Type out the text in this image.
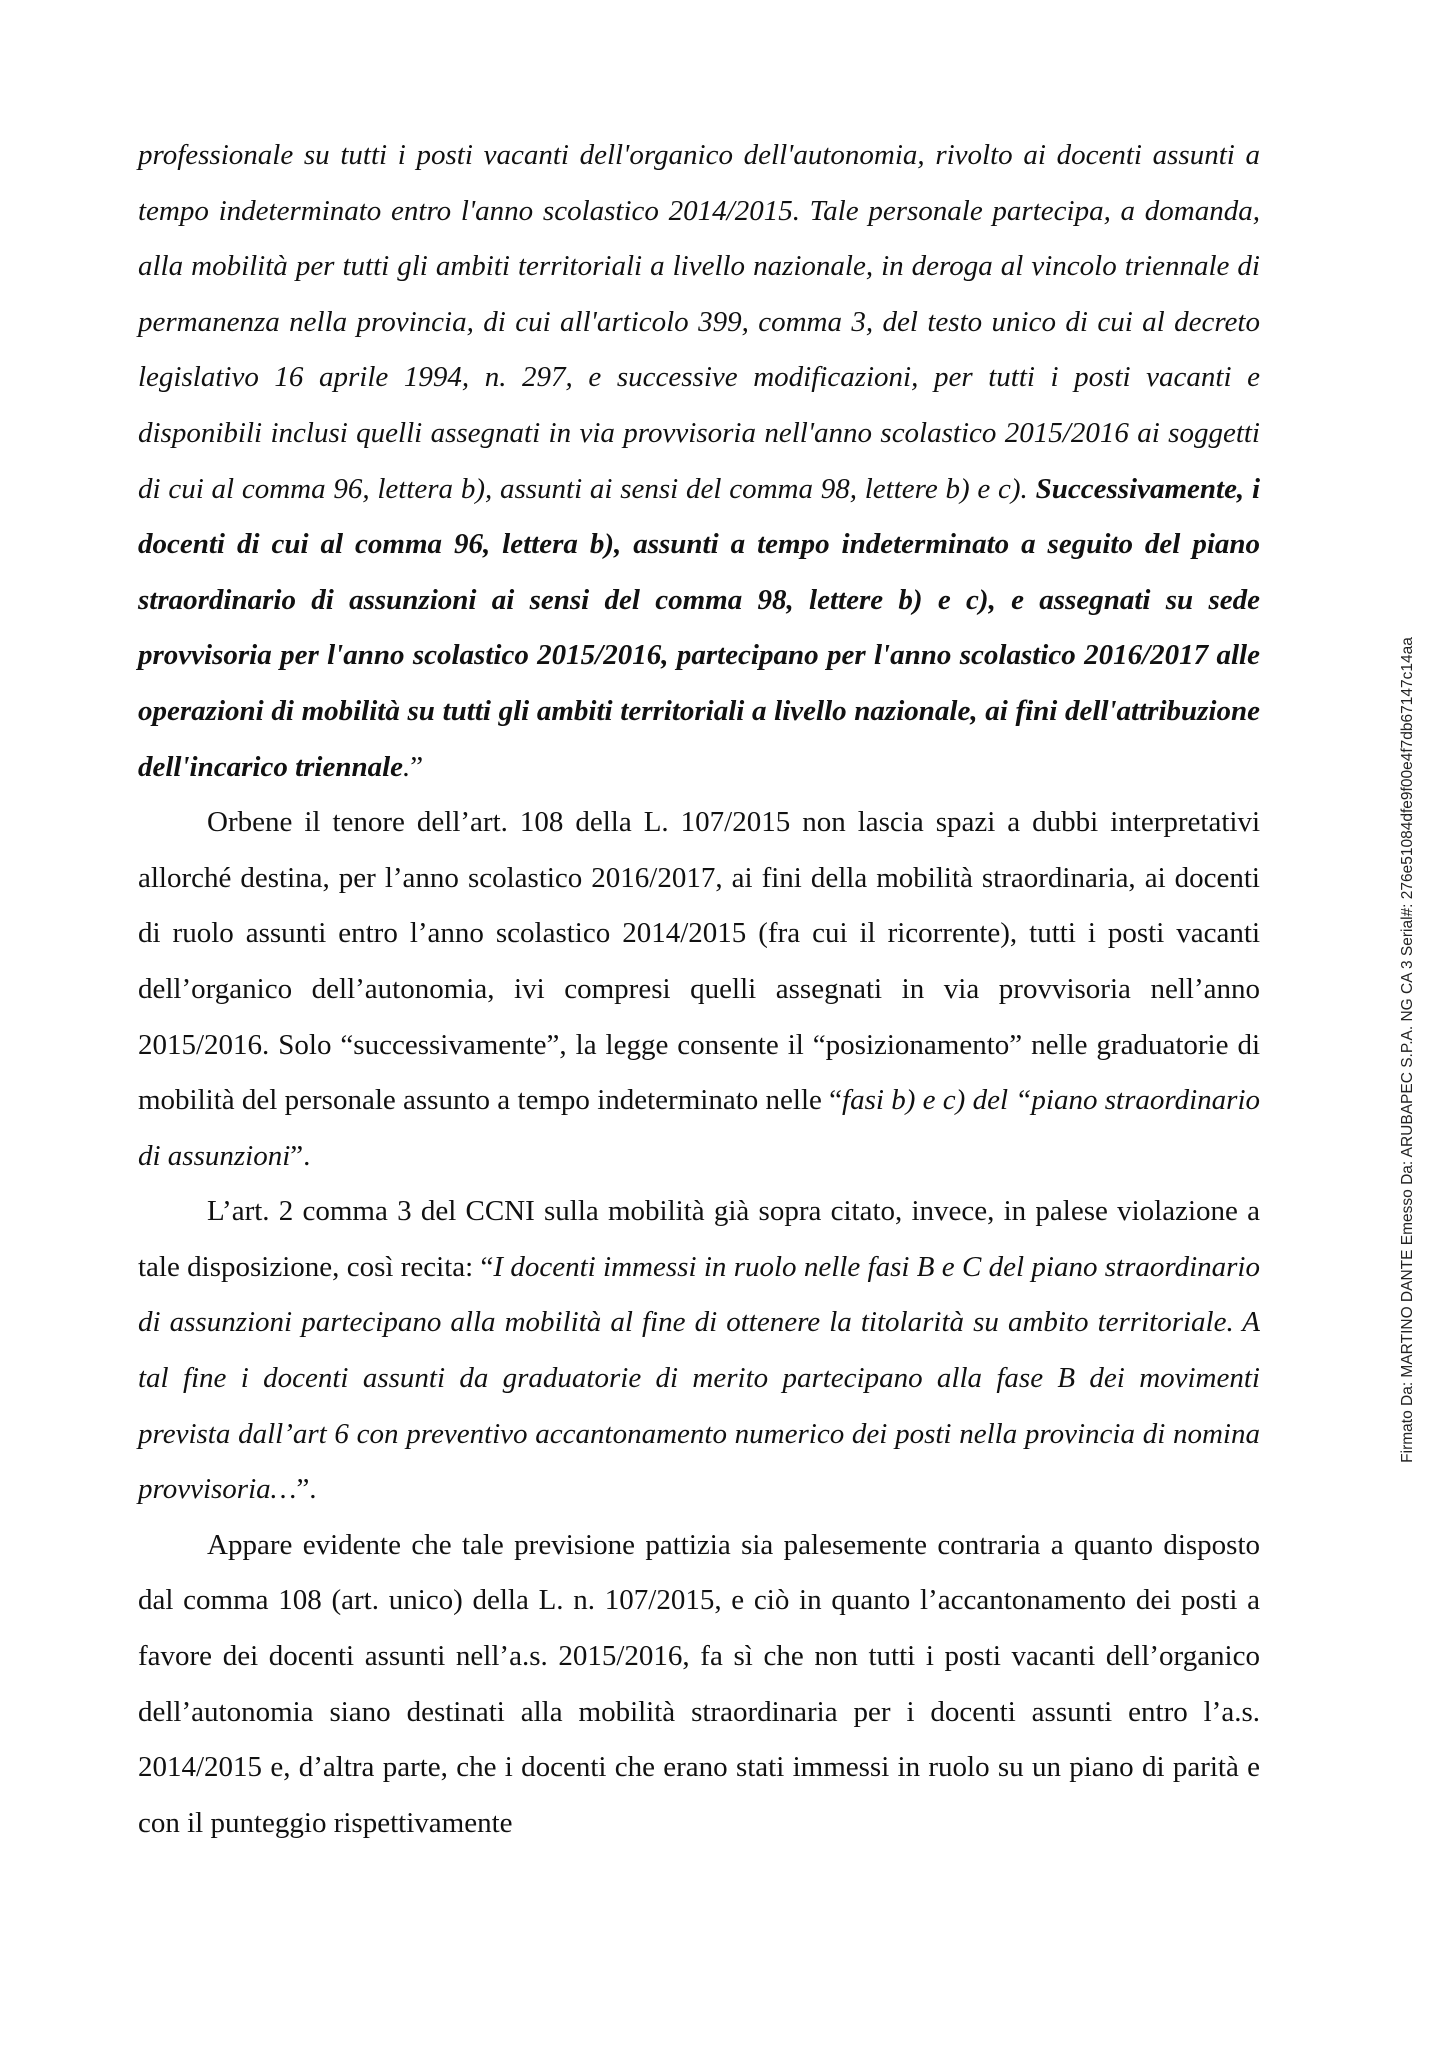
professionale su tutti i posti vacanti dell'organico dell'autonomia, rivolto ai docenti assunti a tempo indeterminato entro l'anno scolastico 2014/2015. Tale personale partecipa, a domanda, alla mobilità per tutti gli ambiti territoriali a livello nazionale, in deroga al vincolo triennale di permanenza nella provincia, di cui all'articolo 399, comma 3, del testo unico di cui al decreto legislativo 16 aprile 1994, n. 297, e successive modificazioni, per tutti i posti vacanti e disponibili inclusi quelli assegnati in via provvisoria nell'anno scolastico 2015/2016 ai soggetti di cui al comma 96, lettera b), assunti ai sensi del comma 98, lettere b) e c). Successivamente, i docenti di cui al comma 96, lettera b), assunti a tempo indeterminato a seguito del piano straordinario di assunzioni ai sensi del comma 98, lettere b) e c), e assegnati su sede provvisoria per l'anno scolastico 2015/2016, partecipano per l'anno scolastico 2016/2017 alle operazioni di mobilità su tutti gli ambiti territoriali a livello nazionale, ai fini dell'attribuzione dell'incarico triennale.”

Orbene il tenore dell’art. 108 della L. 107/2015 non lascia spazi a dubbi interpretativi allorché destina, per l’anno scolastico 2016/2017, ai fini della mobilità straordinaria, ai docenti di ruolo assunti entro l’anno scolastico 2014/2015 (fra cui il ricorrente), tutti i posti vacanti dell’organico dell’autonomia, ivi compresi quelli assegnati in via provvisoria nell’anno 2015/2016. Solo “successivamente”, la legge consente il “posizionamento” nelle graduatorie di mobilità del personale assunto a tempo indeterminato nelle “fasi b) e c) del “piano straordinario di assunzioni”.

L’art. 2 comma 3 del CCNI sulla mobilità già sopra citato, invece, in palese violazione a tale disposizione, così recita: “I docenti immessi in ruolo nelle fasi B e C del piano straordinario di assunzioni partecipano alla mobilità al fine di ottenere la titolarità su ambito territoriale. A tal fine i docenti assunti da graduatorie di merito partecipano alla fase B dei movimenti prevista dall’art 6 con preventivo accantonamento numerico dei posti nella provincia di nomina provvisoria…”.

Appare evidente che tale previsione pattizia sia palesemente contraria a quanto disposto dal comma 108 (art. unico) della L. n. 107/2015, e ciò in quanto l’accantonamento dei posti a favore dei docenti assunti nell’a.s. 2015/2016, fa sì che non tutti i posti vacanti dell’organico dell’autonomia siano destinati alla mobilità straordinaria per i docenti assunti entro l’a.s. 2014/2015 e, d’altra parte, che i docenti che erano stati immessi in ruolo su un piano di parità e con il punteggio rispettivamente

Firmato Da: MARTINO DANTE Emesso Da: ARUBAPEC S.P.A. NG CA 3 Serial#: 276e51084dfe9f00e4f7db67147c14aa
